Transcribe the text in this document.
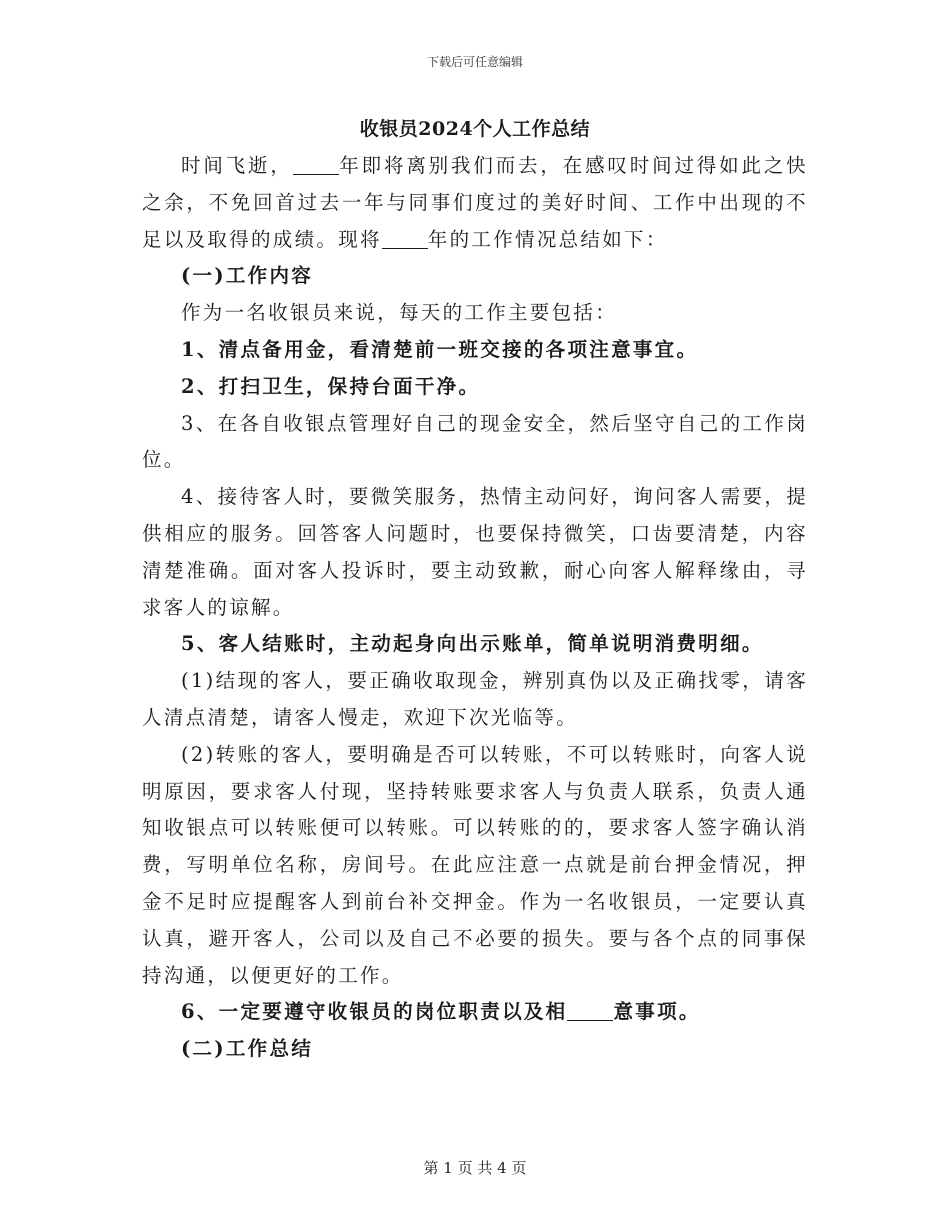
下载后可任意编辑
收银员2024个人工作总结

时间飞逝， 年即将离别我们而去，在感叹时间过得如此之快之余，不免回首过去一年与同事们度过的美好时间、工作中出现的不足以及取得的成绩。现将 年的工作情况总结如下：

(一)工作内容

作为一名收银员来说，每天的工作主要包括：

1、清点备用金，看清楚前一班交接的各项注意事宜。

2、打扫卫生，保持台面干净。

3、在各自收银点管理好自己的现金安全，然后坚守自己的工作岗位。

4、接待客人时，要微笑服务，热情主动问好，询问客人需要，提供相应的服务。回答客人问题时，也要保持微笑，口齿要清楚，内容清楚准确。面对客人投诉时，要主动致歉，耐心向客人解释缘由，寻求客人的谅解。

5、客人结账时，主动起身向出示账单，简单说明消费明细。

(1)结现的客人，要正确收取现金，辨别真伪以及正确找零，请客人清点清楚，请客人慢走，欢迎下次光临等。

(2)转账的客人，要明确是否可以转账，不可以转账时，向客人说明原因，要求客人付现，坚持转账要求客人与负责人联系，负责人通知收银点可以转账便可以转账。可以转账的的，要求客人签字确认消费，写明单位名称，房间号。在此应注意一点就是前台押金情况，押金不足时应提醒客人到前台补交押金。作为一名收银员，一定要认真认真，避开客人，公司以及自己不必要的损失。要与各个点的同事保持沟通，以便更好的工作。

6、一定要遵守收银员的岗位职责以及相 意事项。

(二)工作总结

第 1 页 共 4 页
